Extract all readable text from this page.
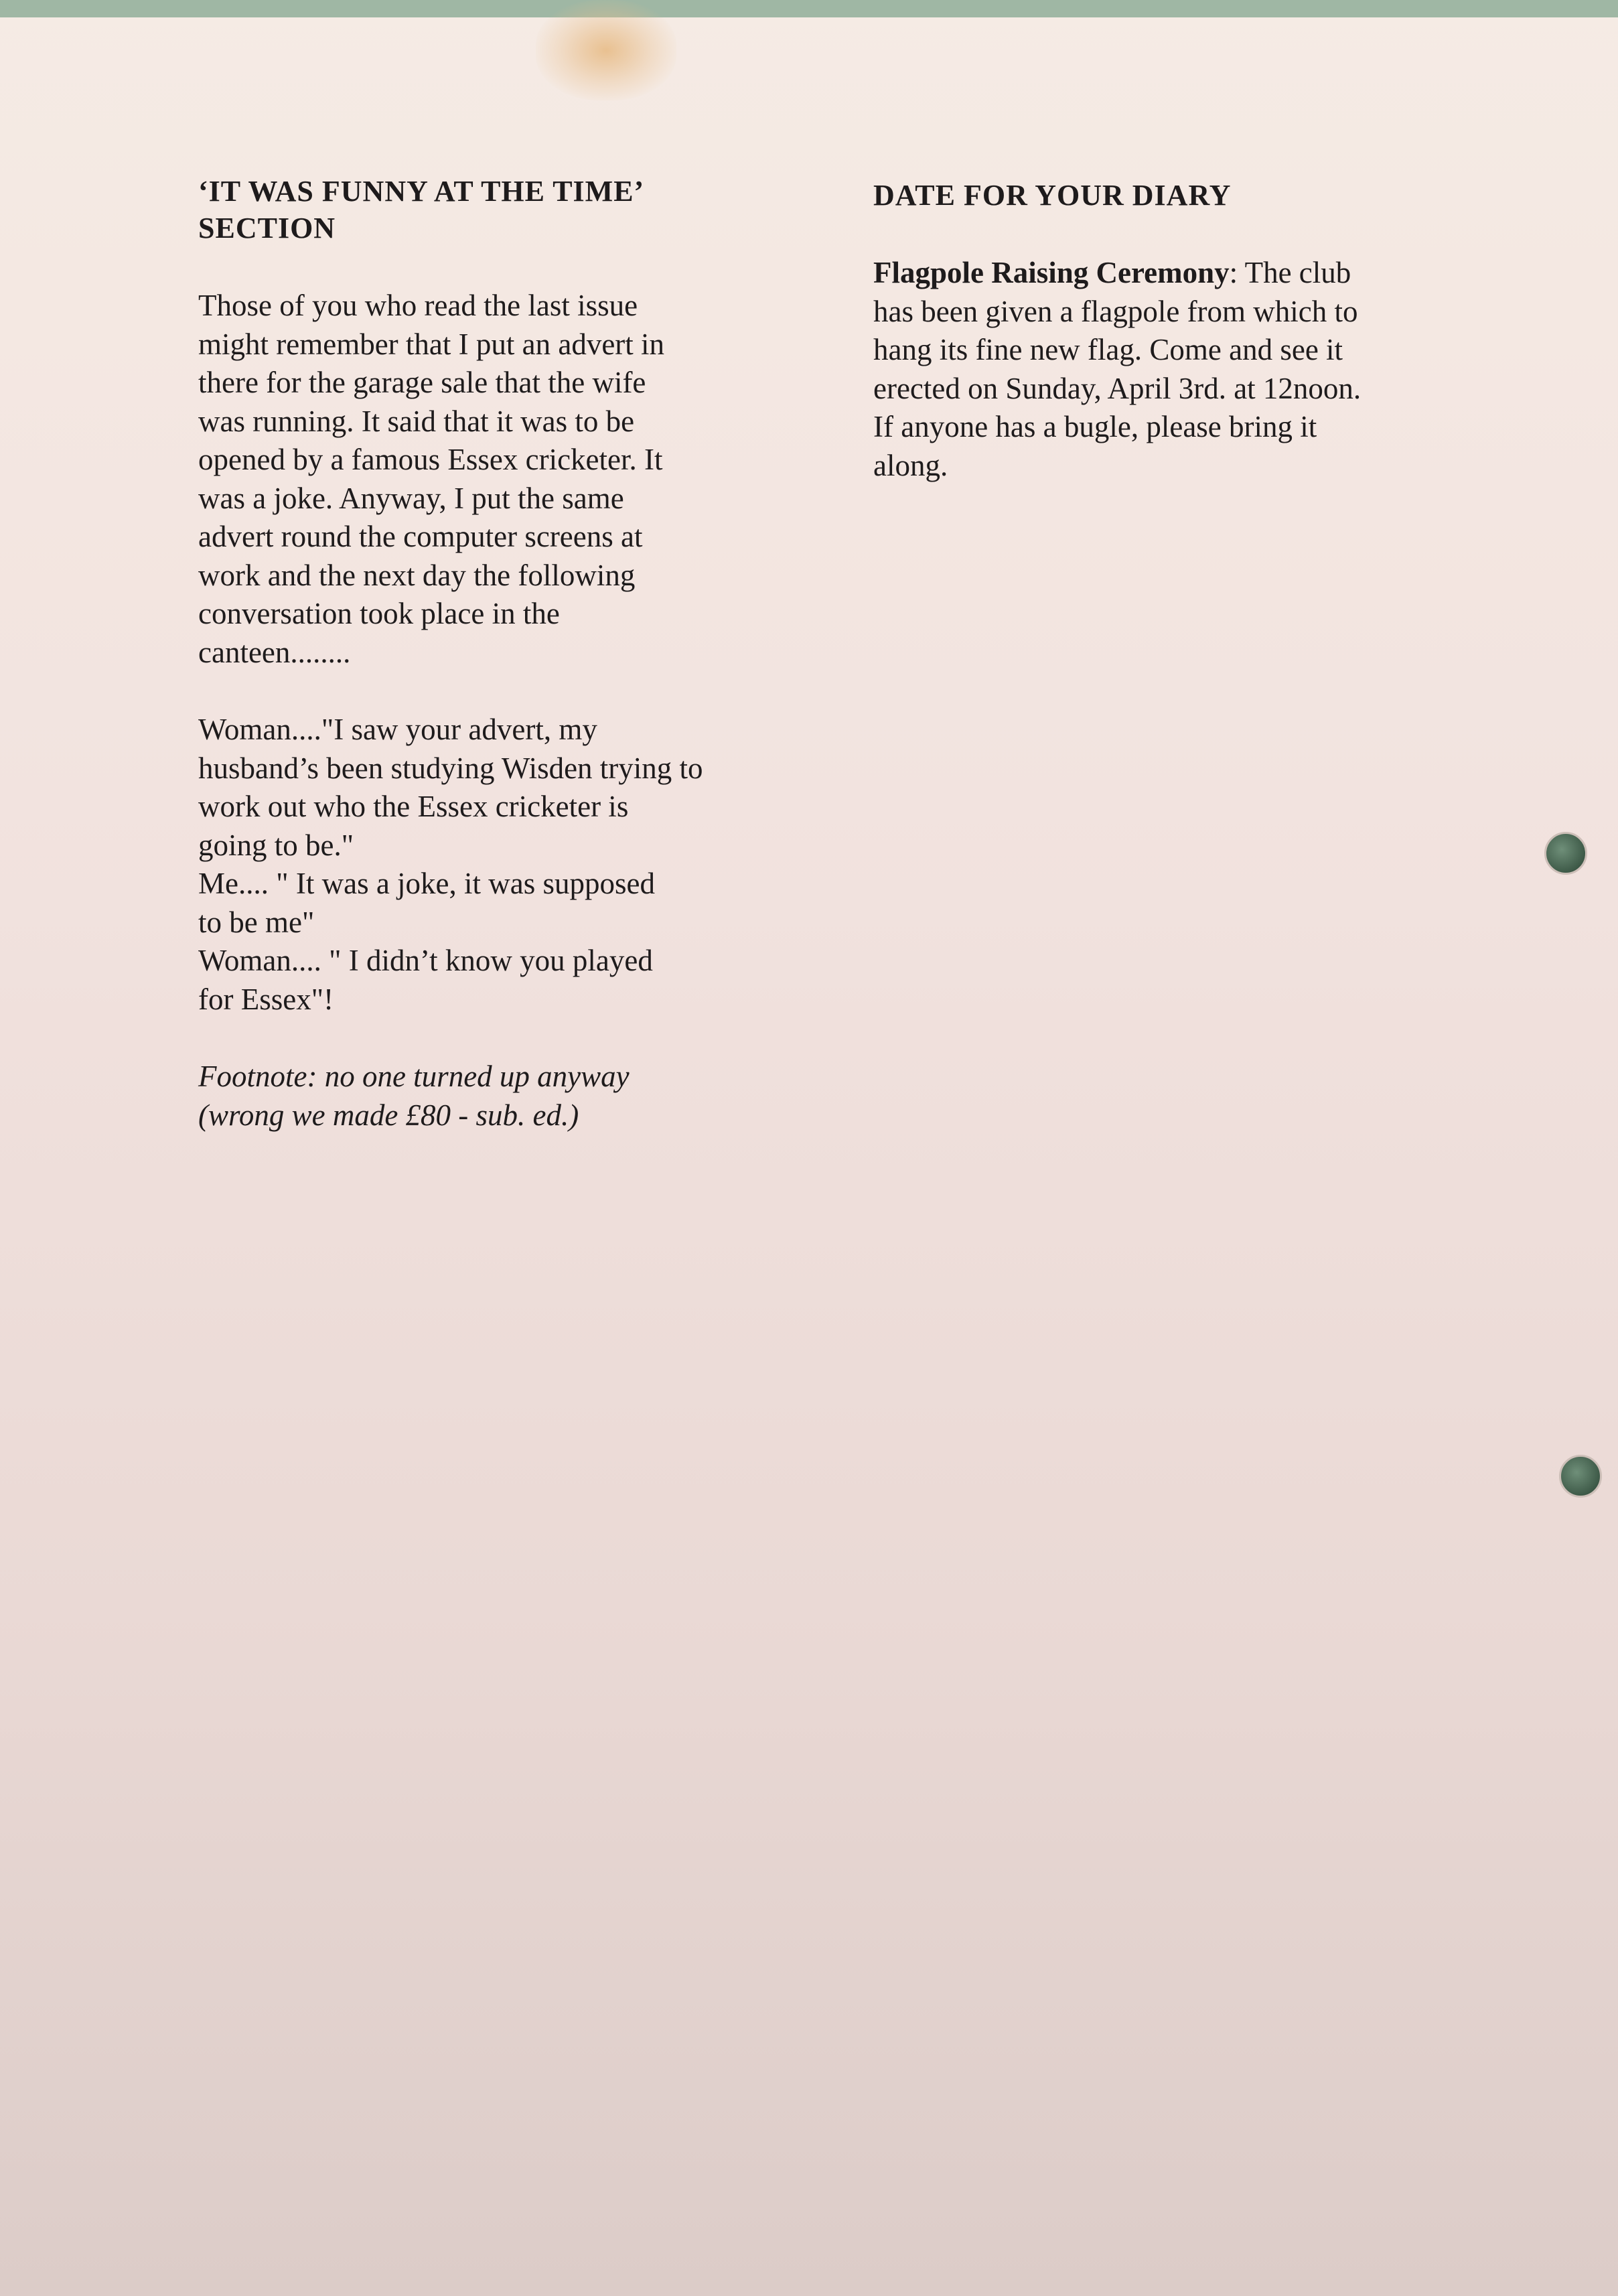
‘IT WAS FUNNY AT THE TIME’
SECTION

Those of you who read the last issue
might remember that I put an advert in
there for the garage sale that the wife
was running. It said that it was to be
opened by a famous Essex cricketer. It
was a joke. Anyway, I put the same
advert round the computer screens at
work and the next day the following
conversation took place in the
canteen........

Woman...."I saw your advert, my
husband’s been studying Wisden trying to
work out who the Essex cricketer is
going to be."
Me.... " It was a joke, it was supposed
to be me"
Woman.... " I didn’t know you played
for Essex"!

Footnote: no one turned up anyway
(wrong we made £80 - sub. ed.)

DATE FOR YOUR DIARY

Flagpole Raising Ceremony: The club
has been given a flagpole from which to
hang its fine new flag. Come and see it
erected on Sunday, April 3rd. at 12noon.
If anyone has a bugle, please bring it
along.
